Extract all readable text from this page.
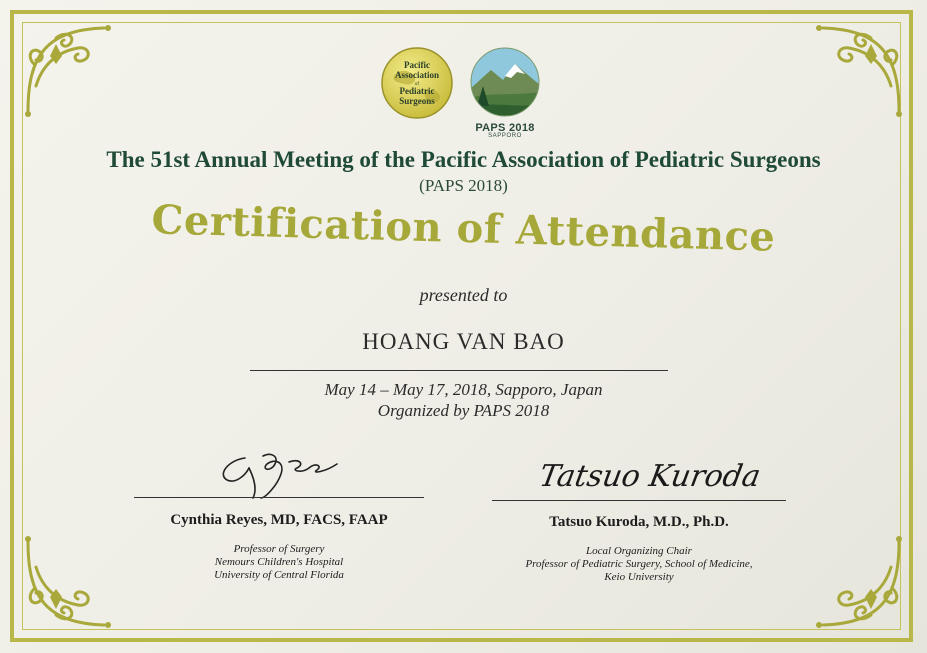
Pacific
Association
of
Pediatric
Surgeons
PAPS 2018
SAPPORO
The 51st Annual Meeting of the Pacific Association of Pediatric Surgeons
(PAPS 2018)
Certification of Attendance
presented to
HOANG VAN BAO
May 14 – May 17, 2018, Sapporo, Japan
Organized by PAPS 2018
Tatsuo Kuroda
Cynthia Reyes, MD, FACS, FAAP
Professor of Surgery
Nemours Children's Hospital
University of Central Florida
Tatsuo Kuroda, M.D., Ph.D.
Local Organizing Chair
Professor of Pediatric Surgery, School of Medicine,
Keio University
